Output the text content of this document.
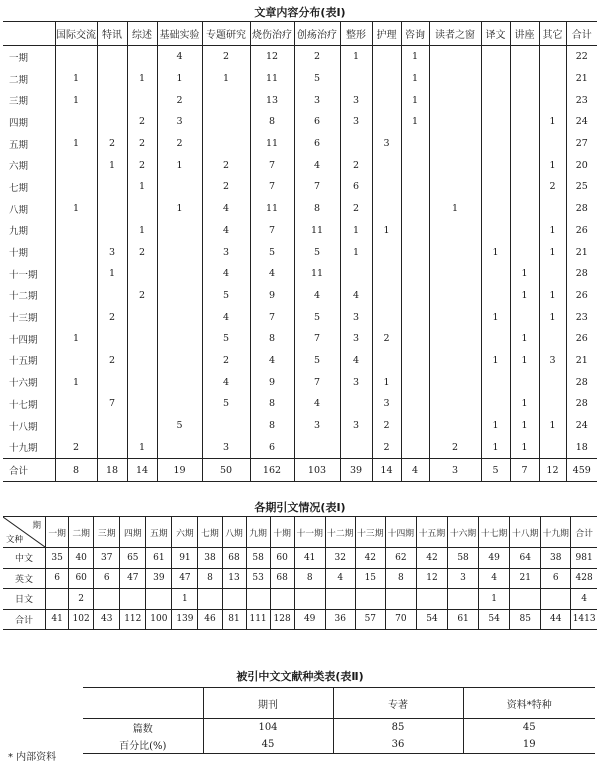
文章内容分布(表Ⅰ)
	国际交流	特讯	综述	基础实验	专题研究	烧伤治疗	创疡治疗	整形	护理	咨询	读者之窗	译文	讲座	其它	合计
一期				4	2	12	2	1		1					22
二期	1		1	1	1	11	5			1					21
三期	1			2		13	3	3		1					23
四期			2	3		8	6	3		1				1	24
五期	1	2	2	2		11	6		3						27
六期		1	2	1	2	7	4	2						1	20
七期			1		2	7	7	6						2	25
八期	1			1	4	11	8	2			1				28
九期			1		4	7	11	1	1					1	26
十期		3	2		3	5	5	1				1		1	21
十一期		1			4	4	11						1		28
十二期			2		5	9	4	4					1	1	26
十三期		2			4	7	5	3				1		1	23
十四期	1				5	8	7	3	2				1		26
十五期		2			2	4	5	4				1	1	3	21
十六期	1				4	9	7	3	1						28
十七期		7			5	8	4		3				1		28
十八期				5		8	3	3	2			1	1	1	24
十九期	2		1		3	6			2		2	1	1		18
合计	8	18	14	19	50	162	103	39	14	4	3	5	7	12	459
各期引文情况(表Ⅰ)
期
文种	一期	二期	三期	四期	五期	六期	七期	八期	九期	十期	十一期	十二期	十三期	十四期	十五期	十六期	十七期	十八期	十九期	合计
中文	35	40	37	65	61	91	38	68	58	60	41	32	42	62	42	58	49	64	38	981
英文	6	60	6	47	39	47	8	13	53	68	8	4	15	8	12	3	4	21	6	428
日文		2				1											1			4
合计	41	102	43	112	100	139	46	81	111	128	49	36	57	70	54	61	54	85	44	1413
被引中文文献种类表(表Ⅱ)
	期刊	专著	资料*特种
篇数	104	85	45
百分比(%)	45	36	19
* 内部资料
